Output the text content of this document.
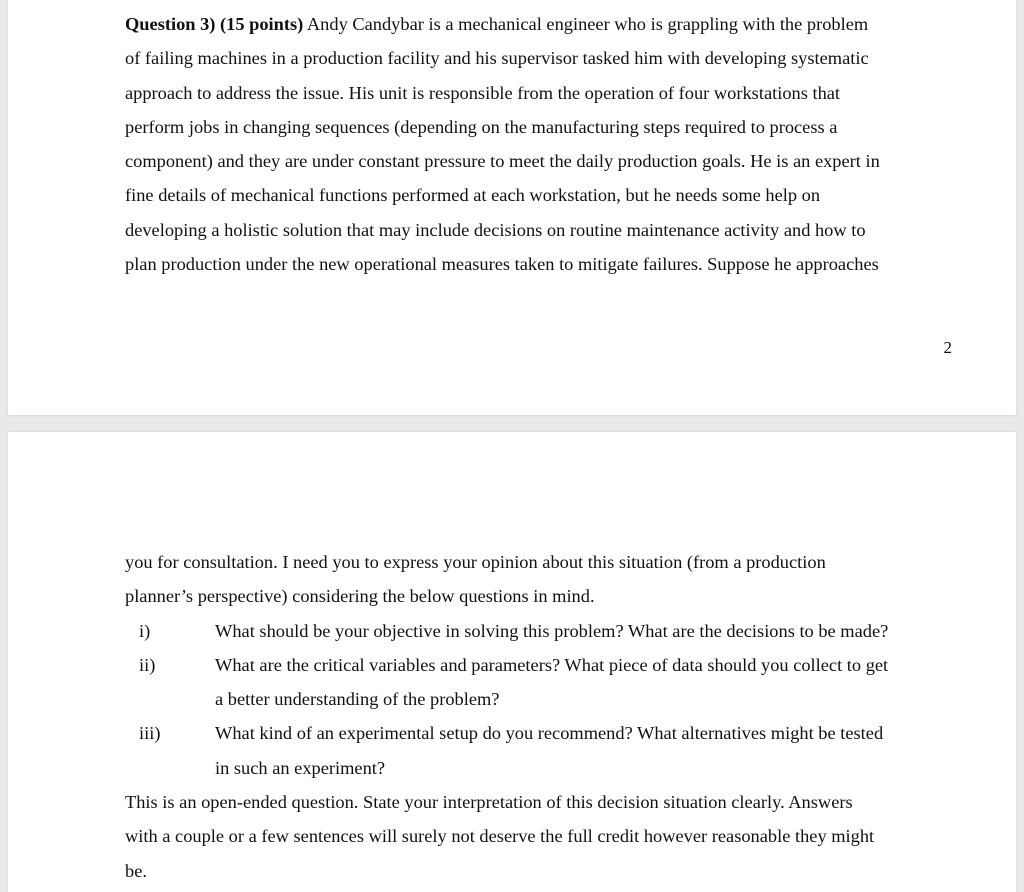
Question 3) (15 points) Andy Candybar is a mechanical engineer who is grappling with the problem
of failing machines in a production facility and his supervisor tasked him with developing systematic
approach to address the issue. His unit is responsible from the operation of four workstations that
perform jobs in changing sequences (depending on the manufacturing steps required to process a
component) and they are under constant pressure to meet the daily production goals. He is an expert in
fine details of mechanical functions performed at each workstation, but he needs some help on
developing a holistic solution that may include decisions on routine maintenance activity and how to
plan production under the new operational measures taken to mitigate failures. Suppose he approaches
2
you for consultation. I need you to express your opinion about this situation (from a production
planner’s perspective) considering the below questions in mind.
i)	What should be your objective in solving this problem? What are the decisions to be made?
ii)	What are the critical variables and parameters? What piece of data should you collect to get
a better understanding of the problem?
iii)	What kind of an experimental setup do you recommend? What alternatives might be tested
in such an experiment?
This is an open-ended question. State your interpretation of this decision situation clearly. Answers
with a couple or a few sentences will surely not deserve the full credit however reasonable they might
be.
